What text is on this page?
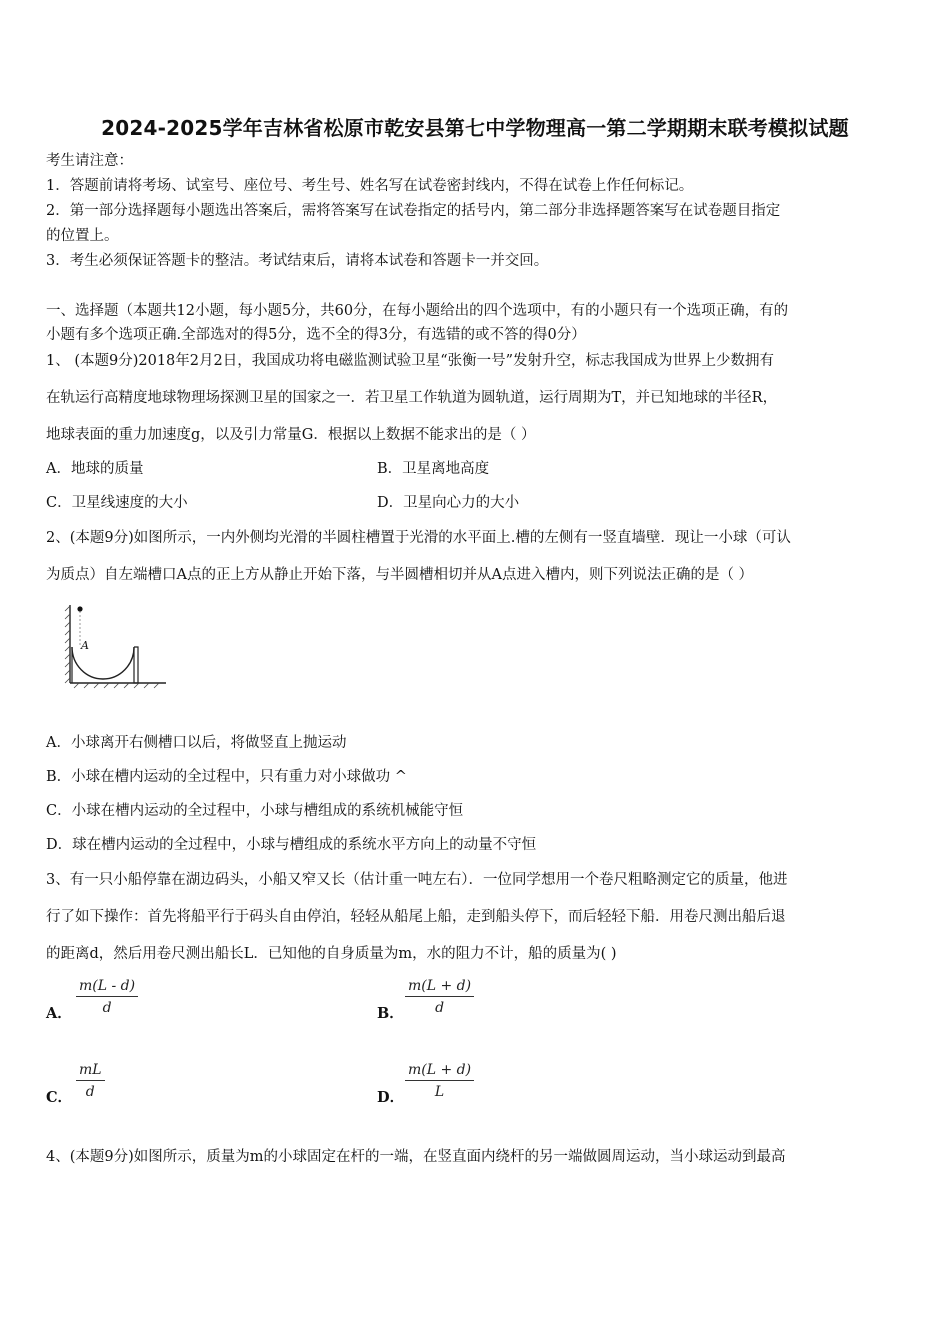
2024-2025学年吉林省松原市乾安县第七中学物理高一第二学期期末联考模拟试题
考生请注意：
1．答题前请将考场、试室号、座位号、考生号、姓名写在试卷密封线内，不得在试卷上作任何标记。
2．第一部分选择题每小题选出答案后，需将答案写在试卷指定的括号内，第二部分非选择题答案写在试卷题目指定
的位置上。
3．考生必须保证答题卡的整洁。考试结束后，请将本试卷和答题卡一并交回。
一、选择题（本题共12小题，每小题5分，共60分，在每小题给出的四个选项中，有的小题只有一个选项正确，有的
小题有多个选项正确.全部选对的得5分，选不全的得3分，有选错的或不答的得0分）
1、 (本题9分)2018年2月2日，我国成功将电磁监测试验卫星“张衡一号”发射升空，标志我国成为世界上少数拥有
在轨运行高精度地球物理场探测卫星的国家之一．若卫星工作轨道为圆轨道，运行周期为T，并已知地球的半径R，
地球表面的重力加速度g，以及引力常量G．根据以上数据不能求出的是（ ）
A．地球的质量	B．卫星离地高度
C．卫星线速度的大小	D．卫星向心力的大小
2、(本题9分)如图所示，一内外侧均光滑的半圆柱槽置于光滑的水平面上.槽的左侧有一竖直墙壁．现让一小球（可认
为质点）自左端槽口A点的正上方从静止开始下落，与半圆槽相切并从A点进入槽内，则下列说法正确的是（ ）
A
A．小球离开右侧槽口以后，将做竖直上抛运动
B．小球在槽内运动的全过程中，只有重力对小球做功 ^
C．小球在槽内运动的全过程中，小球与槽组成的系统机械能守恒
D．球在槽内运动的全过程中，小球与槽组成的系统水平方向上的动量不守恒
3、有一只小船停靠在湖边码头，小船又窄又长（估计重一吨左右）．一位同学想用一个卷尺粗略测定它的质量，他进
行了如下操作：首先将船平行于码头自由停泊，轻轻从船尾上船，走到船头停下，而后轻轻下船．用卷尺测出船后退
的距离d，然后用卷尺测出船长L．已知他的自身质量为m，水的阻力不计，船的质量为( )
A． $\frac{m(L - d)}{d}$	B． $\frac{m(L + d)}{d}$
C． $\frac{mL}{d}$	D． $\frac{m(L + d)}{L}$
4、(本题9分)如图所示，质量为m的小球固定在杆的一端，在竖直面内绕杆的另一端做圆周运动，当小球运动到最高
